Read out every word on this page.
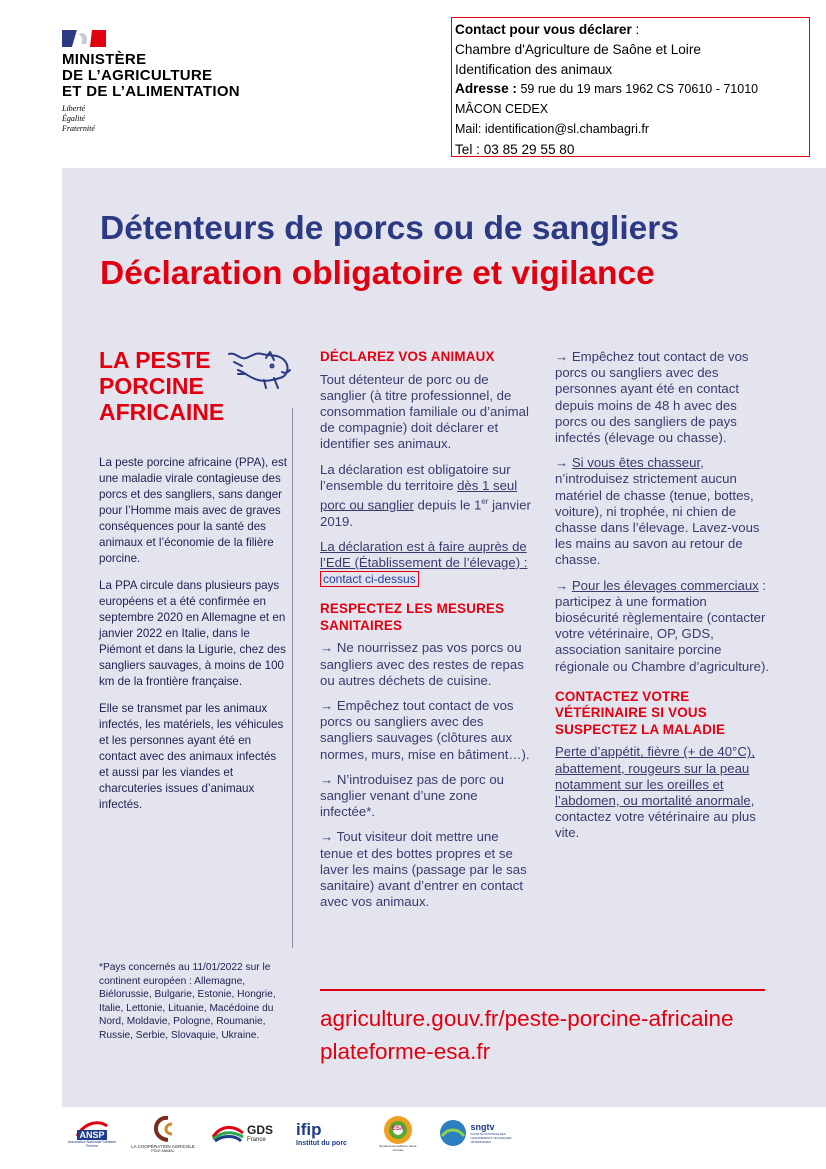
MINISTÈRE
DE L’AGRICULTURE
ET DE L’ALIMENTATION
Liberté
Égalité
Fraternité
Contact pour vous déclarer :
Chambre d'Agriculture de Saône et Loire
Identification des animaux
Adresse : 59 rue du 19 mars 1962 CS 70610 - 71010
MÂCON CEDEX
Mail: identification@sl.chambagri.fr
Tel : 03 85 29 55 80
Détenteurs de porcs ou de sangliers
Déclaration obligatoire et vigilance
LA PESTE
PORCINE
AFRICAINE

La peste porcine africaine (PPA), est une maladie virale contagieuse des porcs et des sangliers, sans danger pour l’Homme mais avec de graves conséquences pour la santé des animaux et l’économie de la filière porcine.

La PPA circule dans plusieurs pays européens et a été confirmée en septembre 2020 en Allemagne et en janvier 2022 en Italie, dans le Piémont et dans la Ligurie, chez des sangliers sauvages, à moins de 100 km de la frontière française.

Elle se transmet par les animaux infectés, les matériels, les véhicules et les personnes ayant été en contact avec des animaux infectés et aussi par les viandes et charcuteries issues d’animaux infectés.

*Pays concernés au 11/01/2022 sur le continent européen : Allemagne, Biélorussie, Bulgarie, Estonie, Hongrie, Italie, Lettonie, Lituanie, Macédoine du Nord, Moldavie, Pologne, Roumanie, Russie, Serbie, Slovaquie, Ukraine.
DÉCLAREZ VOS ANIMAUX

Tout détenteur de porc ou de sanglier (à titre professionnel, de consommation familiale ou d’animal de compagnie) doit déclarer et identifier ses animaux.

La déclaration est obligatoire sur l’ensemble du territoire dès 1 seul porc ou sanglier depuis le 1er janvier 2019.

La déclaration est à faire auprès de l’EdE (Établissement de l’élevage) : contact ci-dessus

RESPECTEZ LES MESURES SANITAIRES

→ Ne nourrissez pas vos porcs ou sangliers avec des restes de repas ou autres déchets de cuisine.

→ Empêchez tout contact de vos porcs ou sangliers avec des sangliers sauvages (clôtures aux normes, murs, mise en bâtiment…).

→ N’introduisez pas de porc ou sanglier venant d’une zone infectée*.

→ Tout visiteur doit mettre une tenue et des bottes propres et se laver les mains (passage par le sas sanitaire) avant d’entrer en contact avec vos animaux.

→ Empêchez tout contact de vos porcs ou sangliers avec des personnes ayant été en contact depuis moins de 48 h avec des porcs ou des sangliers de pays infectés (élevage ou chasse).

→ Si vous êtes chasseur, n’introduisez strictement aucun matériel de chasse (tenue, bottes, voiture), ni trophée, ni chien de chasse dans l’élevage. Lavez-vous les mains au savon au retour de chasse.

→ Pour les élevages commerciaux : participez à une formation biosécurité règlementaire (contacter votre vétérinaire, OP, GDS, association sanitaire porcine régionale ou Chambre d’agriculture).

CONTACTEZ VOTRE VÉTÉRINAIRE SI VOUS SUSPECTEZ LA MALADIE

Perte d’appétit, fièvre (+ de 40°C), abattement, rougeurs sur la peau notamment sur les oreilles et l’abdomen, ou mortalité anormale, contactez votre vétérinaire au plus vite.

agriculture.gouv.fr/peste-porcine-africaine
plateforme-esa.fr
ANSP
Association Nationale Sanitaire Porcine	LA COOPÉRATION AGRICOLE
PÔLE ANIMAL
GDS
France
ifip
Institut du porc
ESA
Épidémiosurveillance Santé Animale
sngtv
SOCIÉTÉ NATIONALE DES GROUPEMENTS TECHNIQUES VÉTÉRINAIRES
